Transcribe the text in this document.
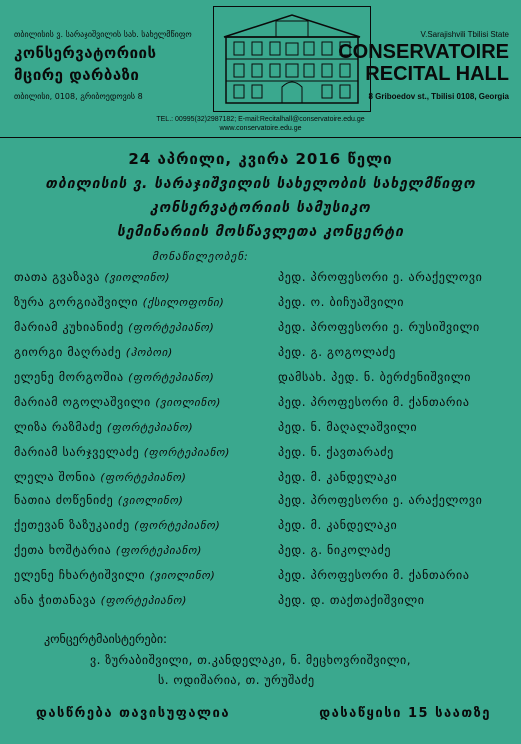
თბილისის ვ. სარაჯიშვილის სახ. სახელმწიფო
კონსერვატორიის
მცირე დარბაზი
თბილისი, 0108, გრიბოედოვის 8
V.Sarajishvili Tbilisi State
CONSERVATOIRE
RECITAL HALL
8 Griboedov st., Tbilisi 0108, Georgia
TEL.: 00995(32)2987182; E-mail:Recitalhall@conservatoire.edu.ge
www.conservatoire.edu.ge
24 აპრილი, კვირა 2016 წელი
თბილისის ვ. სარაჯიშვილის სახელობის სახელმწიფო
კონსერვატორიის სამუსიკო
სემინარიის მოსწავლეთა კონცერტი
მონაწილეობენ:
თათა გვაზავა (ვიოლინო)	პედ. პროფესორი ე. არაქელოვი
ზურა გორგიაშვილი (ქსილოფონი)	პედ. ო. ბიჩუაშვილი
მარიამ კუხიანიძე (ფორტეპიანო)	პედ. პროფესორი ე. რუსიშვილი
გიორგი მაღრაძე (ჰობოი)	პედ. გ. გოგოლაძე
ელენე მორგოშია (ფორტეპიანო)	დამსახ. პედ. ნ. ბერძენიშვილი
მარიამ ოგოლაშვილი (ვიოლინო)	პედ. პროფესორი მ. ქანთარია
ლიზა რაზმაძე (ფორტეპიანო)	პედ. ნ. მაღალაშვილი
მარიამ სარჯველაძე (ფორტეპიანო)	პედ. ნ. ქავთარაძე
ლელა შონია (ფორტეპიანო)	პედ. მ. კანდელაკი
ნათია ძოწენიძე (ვიოლინო)	პედ. პროფესორი ე. არაქელოვი
ქეთევან ზაზუკაიძე (ფორტეპიანო)	პედ. მ. კანდელაკი
ქეთა ხოშტარია (ფორტეპიანო)	პედ. გ. ნიკოლაძე
ელენე ჩხარტიშვილი (ვიოლინო)	პედ. პროფესორი მ. ქანთარია
ანა ჭითანავა (ფორტეპიანო)	პედ. დ. თაქთაქიშვილი
კონცერტმაისტერები:
ვ. ზურაბიშვილი, თ.კანდელაკი, ნ. მეცხოვრიშვილი,
ს. ოდიშარია, თ. ურუშაძე
დასწრება თავისუფალია	დასაწყისი 15 საათზე
